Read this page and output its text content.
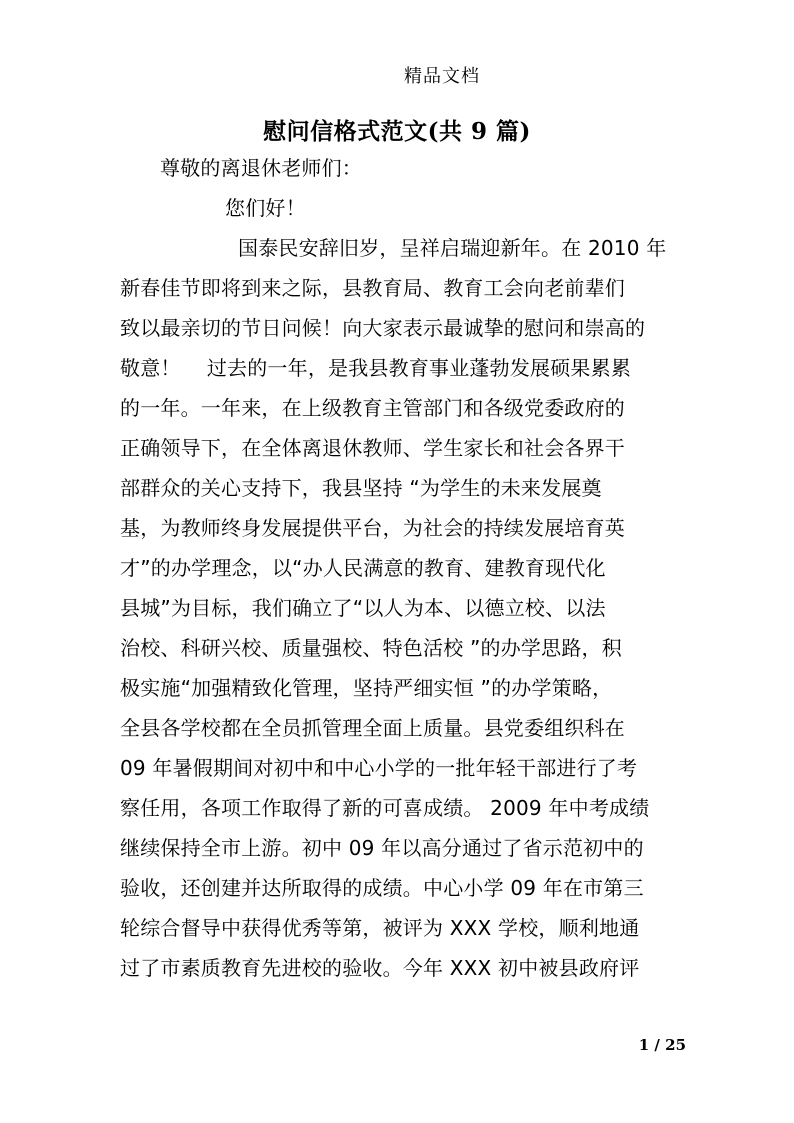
精品文档
慰问信格式范文(共 9 篇)
尊敬的离退休老师们：
您们好！
国泰民安辞旧岁，呈祥启瑞迎新年。在 2010 年
新春佳节即将到来之际，县教育局、教育工会向老前辈们
致以最亲切的节日问候！向大家表示最诚挚的慰问和崇高的
敬意！    过去的一年，是我县教育事业蓬勃发展硕果累累
的一年。一年来，在上级教育主管部门和各级党委政府的
正确领导下，在全体离退休教师、学生家长和社会各界干
部群众的关心支持下，我县坚持 “为学生的未来发展奠
基，为教师终身发展提供平台，为社会的持续发展培育英
才”的办学理念，以“办人民满意的教育、建教育现代化
县城”为目标，我们确立了“以人为本、以德立校、以法
治校、科研兴校、质量强校、特色活校 ”的办学思路，积
极实施“加强精致化管理，坚持严细实恒 ”的办学策略，
全县各学校都在全员抓管理全面上质量。县党委组织科在
09 年暑假期间对初中和中心小学的一批年轻干部进行了考
察任用，各项工作取得了新的可喜成绩。 2009 年中考成绩
继续保持全市上游。初中 09 年以高分通过了省示范初中的
验收，还创建并达所取得的成绩。中心小学 09 年在市第三
轮综合督导中获得优秀等第，被评为 XXX 学校，顺利地通
过了市素质教育先进校的验收。今年 XXX 初中被县政府评
1 / 25
